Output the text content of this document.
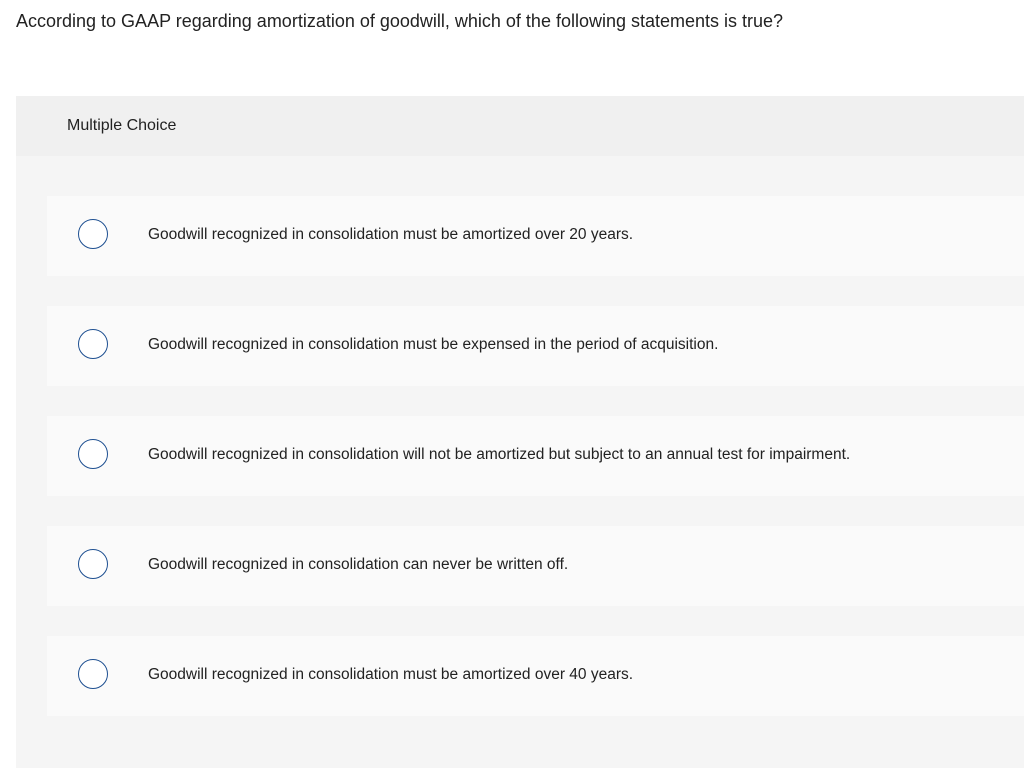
According to GAAP regarding amortization of goodwill, which of the following statements is true?
Multiple Choice
Goodwill recognized in consolidation must be amortized over 20 years.
Goodwill recognized in consolidation must be expensed in the period of acquisition.
Goodwill recognized in consolidation will not be amortized but subject to an annual test for impairment.
Goodwill recognized in consolidation can never be written off.
Goodwill recognized in consolidation must be amortized over 40 years.
